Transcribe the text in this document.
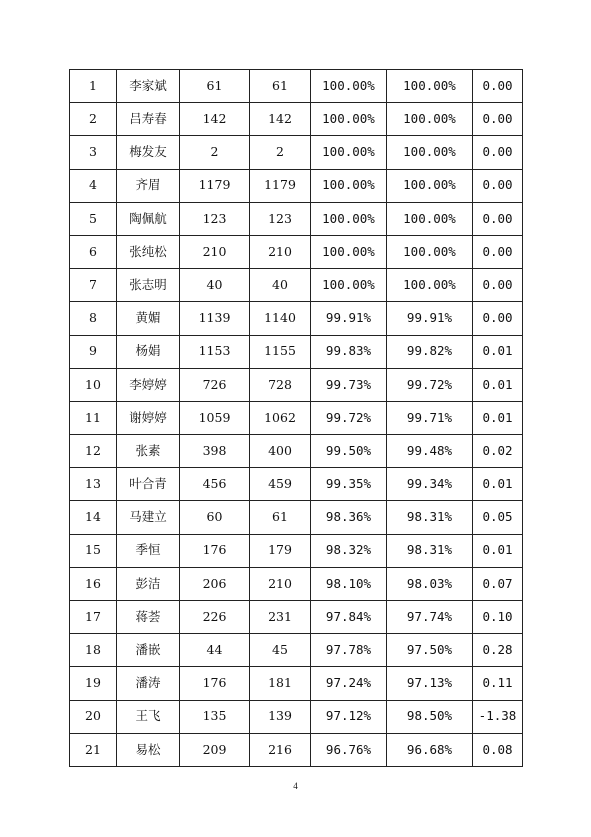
1	李家斌	61	61	100.00%	100.00%	0.00
2	吕寿春	142	142	100.00%	100.00%	0.00
3	梅发友	2	2	100.00%	100.00%	0.00
4	齐眉	1179	1179	100.00%	100.00%	0.00
5	陶佩航	123	123	100.00%	100.00%	0.00
6	张纯松	210	210	100.00%	100.00%	0.00
7	张志明	40	40	100.00%	100.00%	0.00
8	黄媚	1139	1140	99.91%	99.91%	0.00
9	杨娟	1153	1155	99.83%	99.82%	0.01
10	李婷婷	726	728	99.73%	99.72%	0.01
11	谢婷婷	1059	1062	99.72%	99.71%	0.01
12	张素	398	400	99.50%	99.48%	0.02
13	叶合青	456	459	99.35%	99.34%	0.01
14	马建立	60	61	98.36%	98.31%	0.05
15	季恒	176	179	98.32%	98.31%	0.01
16	彭洁	206	210	98.10%	98.03%	0.07
17	蒋荟	226	231	97.84%	97.74%	0.10
18	潘嵌	44	45	97.78%	97.50%	0.28
19	潘涛	176	181	97.24%	97.13%	0.11
20	王飞	135	139	97.12%	98.50%	-1.38
21	易松	209	216	96.76%	96.68%	0.08
4
